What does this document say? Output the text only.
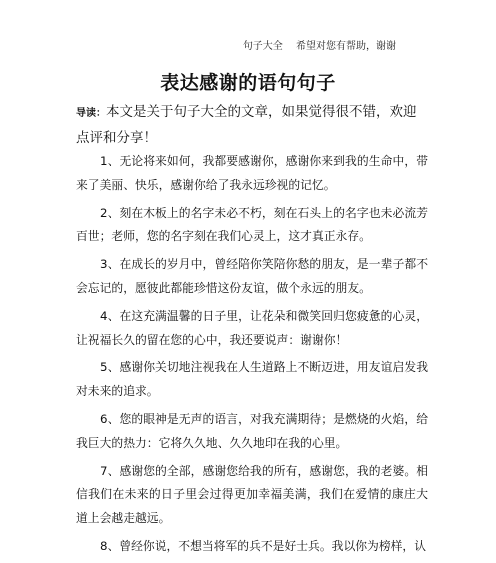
句子大全 希望对您有帮助，谢谢
表达感谢的语句句子
导读：本文是关于句子大全的文章，如果觉得很不错，欢迎点评和分享！

1、无论将来如何，我都要感谢你，感谢你来到我的生命中，带来了美丽、快乐，感谢你给了我永远珍视的记忆。

2、刻在木板上的名字未必不朽，刻在石头上的名字也未必流芳百世；老师，您的名字刻在我们心灵上，这才真正永存。

3、在成长的岁月中，曾经陪你笑陪你愁的朋友，是一辈子都不会忘记的，愿彼此都能珍惜这份友谊，做个永远的朋友。

4、在这充满温馨的日子里，让花朵和微笑回归您疲惫的心灵，让祝福长久的留在您的心中，我还要说声：谢谢你！

5、感谢你关切地注视我在人生道路上不断迈进，用友谊启发我对未来的追求。

6、您的眼神是无声的语言，对我充满期待；是燃烧的火焰，给我巨大的热力：它将久久地、久久地印在我的心里。

7、感谢您的全部，感谢您给我的所有，感谢您，我的老婆。相信我们在未来的日子里会过得更加幸福美满，我们在爱情的康庄大道上会越走越远。

8、曾经你说，不想当将军的兵不是好士兵。我以你为榜样，认
